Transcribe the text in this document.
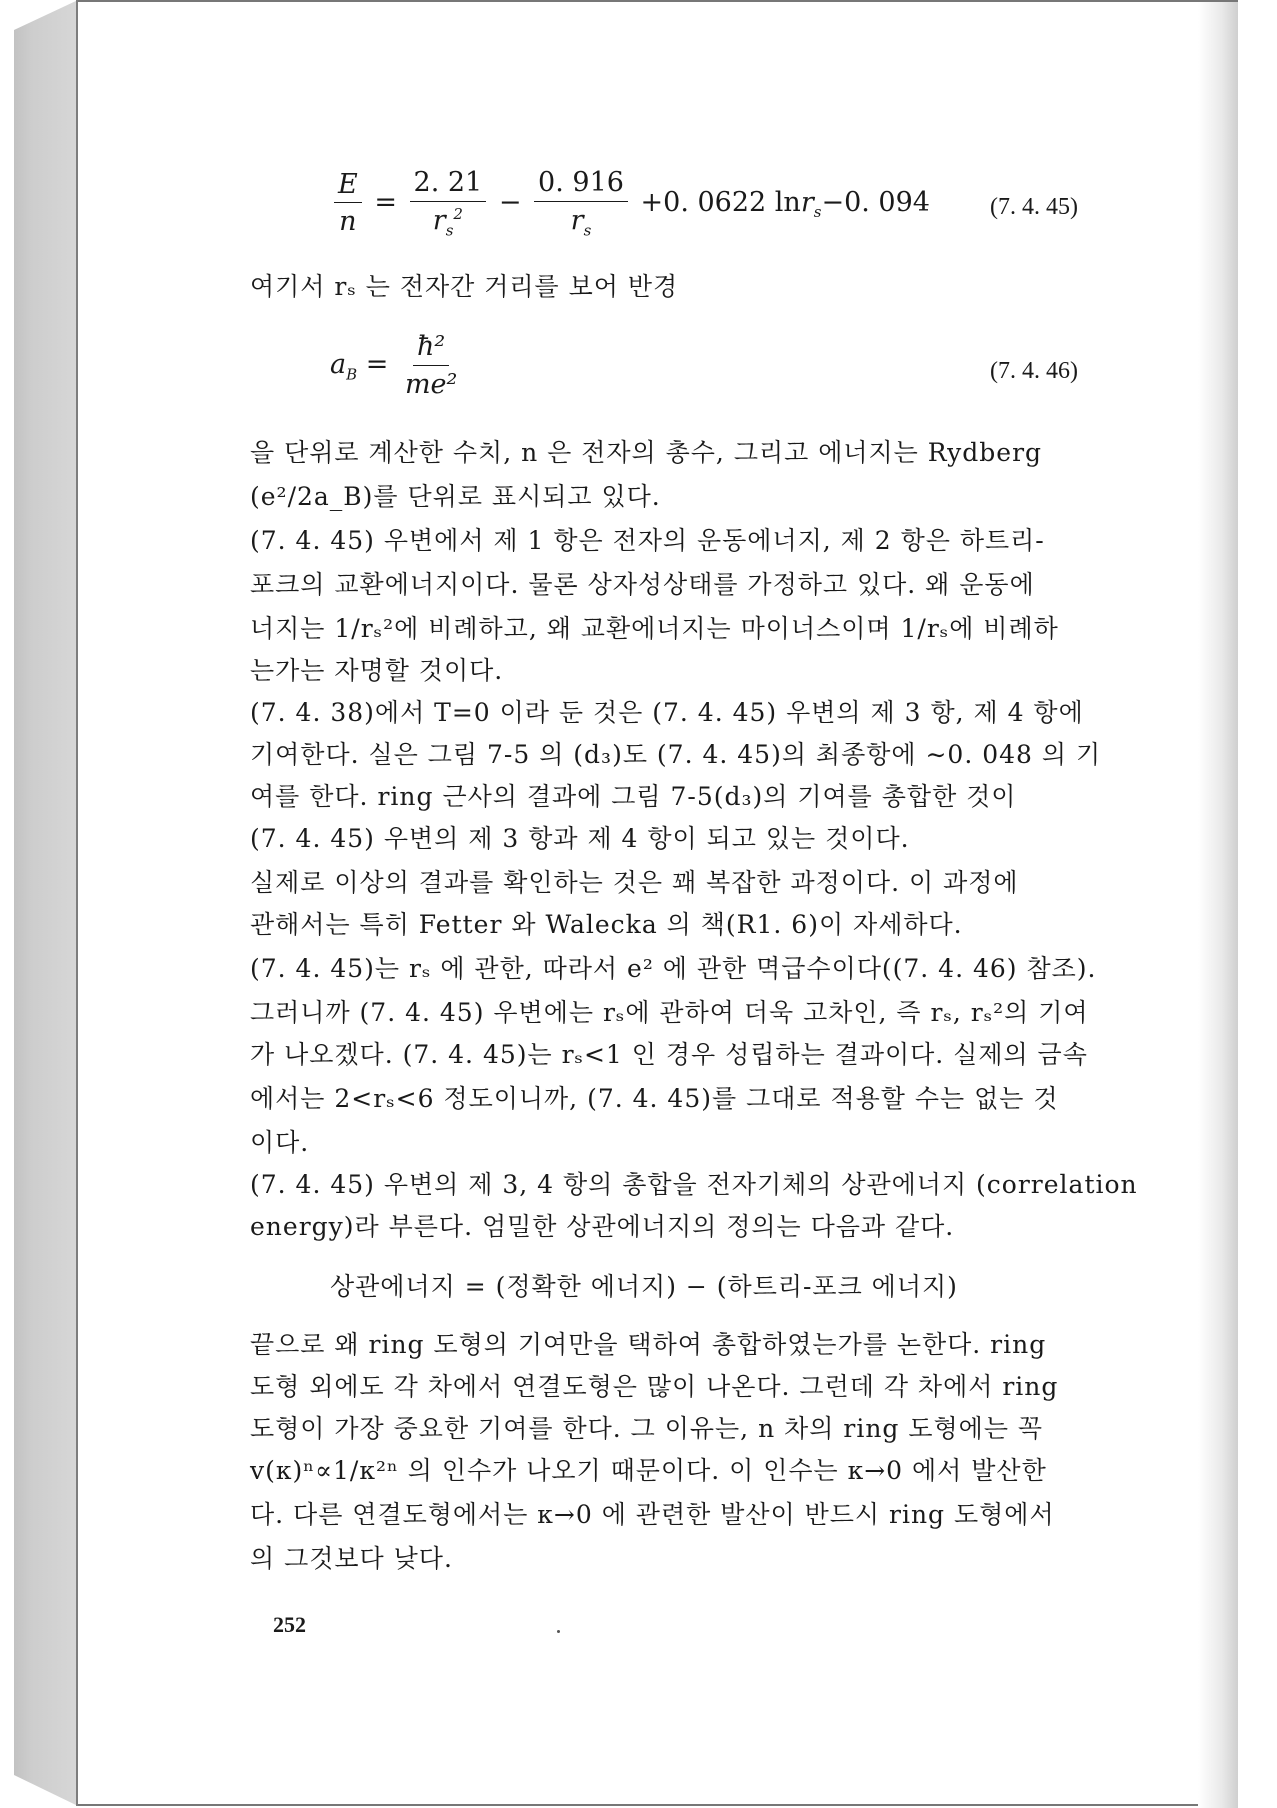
$\frac{E}{n} = \frac{2. 21}{r_s^2} - \frac{0. 916}{r_s} +0$. 0622 lnr$_s$−0. 094	(7. 4. 45)
여기서 rₛ 는 전자간 거리를 보어 반경
$a_B = \frac{\text{ħ²}}{\text{me²}}$	(7. 4. 46)
을 단위로 계산한 수치, n 은 전자의 총수, 그리고 에너지는 Rydberg
(e²/2a_B)를 단위로 표시되고 있다.
(7. 4. 45) 우변에서 제 1 항은 전자의 운동에너지, 제 2 항은 하트리-
포크의 교환에너지이다. 물론 상자성상태를 가정하고 있다. 왜 운동에
너지는 1/rₛ²에 비례하고, 왜 교환에너지는 마이너스이며 1/rₛ에 비례하
는가는 자명할 것이다.
(7. 4. 38)에서 T=0 이라 둔 것은 (7. 4. 45) 우변의 제 3 항, 제 4 항에
기여한다. 실은 그림 7-5 의 (d₃)도 (7. 4. 45)의 최종항에 ∼0. 048 의 기
여를 한다. ring 근사의 결과에 그림 7-5(d₃)의 기여를 총합한 것이
(7. 4. 45) 우변의 제 3 항과 제 4 항이 되고 있는 것이다.
실제로 이상의 결과를 확인하는 것은 꽤 복잡한 과정이다. 이 과정에
관해서는 특히 Fetter 와 Walecka 의 책(R1. 6)이 자세하다.
(7. 4. 45)는 rₛ 에 관한, 따라서 e² 에 관한 멱급수이다((7. 4. 46) 참조).
그러니까 (7. 4. 45) 우변에는 rₛ에 관하여 더욱 고차인, 즉 rₛ, rₛ²의 기여
가 나오겠다. (7. 4. 45)는 rₛ<1 인 경우 성립하는 결과이다. 실제의 금속
에서는 2<rₛ<6 정도이니까, (7. 4. 45)를 그대로 적용할 수는 없는 것
이다.
(7. 4. 45) 우변의 제 3, 4 항의 총합을 전자기체의 상관에너지 (correlation
energy)라 부른다. 엄밀한 상관에너지의 정의는 다음과 같다.
상관에너지 = (정확한 에너지) − (하트리-포크 에너지)
끝으로 왜 ring 도형의 기여만을 택하여 총합하였는가를 논한다. ring
도형 외에도 각 차에서 연결도형은 많이 나온다. 그런데 각 차에서 ring
도형이 가장 중요한 기여를 한다. 그 이유는, n 차의 ring 도형에는 꼭
v(κ)ⁿ∝1/κ²ⁿ 의 인수가 나오기 때문이다. 이 인수는 κ→0 에서 발산한
다. 다른 연결도형에서는 κ→0 에 관련한 발산이 반드시 ring 도형에서
의 그것보다 낮다.
252
